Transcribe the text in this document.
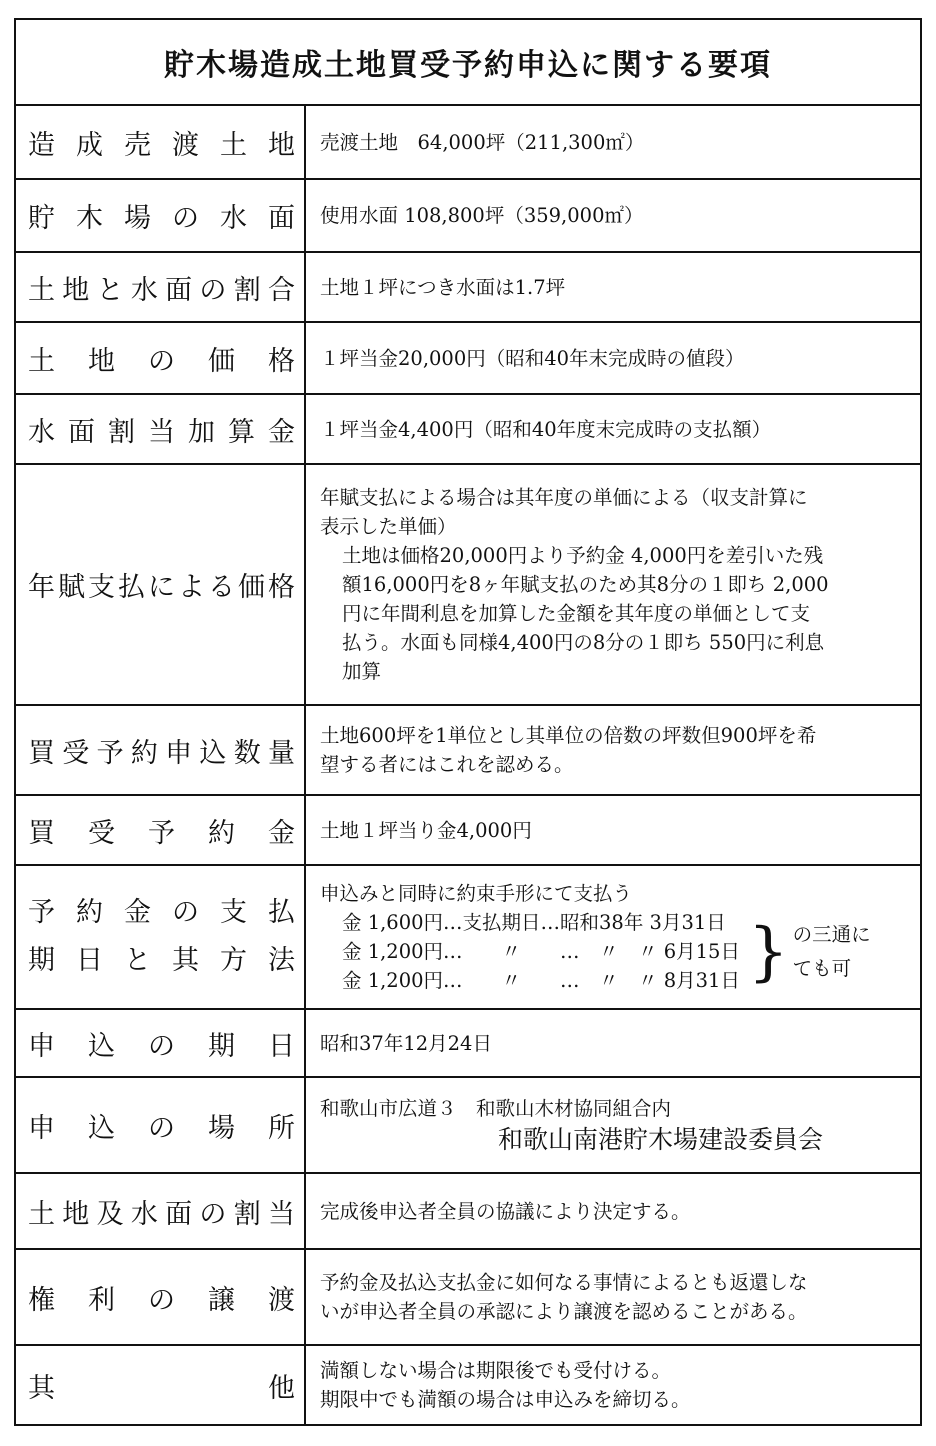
貯木場造成土地買受予約申込に関する要項
造成売渡土地 売渡土地　64,000坪（211,300㎡）
貯木場の水面 使用水面 108,800坪（359,000㎡）
土地と水面の割合 土地１坪につき水面は1.7坪
土地の価格 １坪当金20,000円（昭和40年末完成時の値段）
水面割当加算金 １坪当金4,400円（昭和40年度末完成時の支払額）
年賦支払による価格
年賦支払による場合は其年度の単価による（収支計算に
表示した単価）
土地は価格20,000円より予約金 4,000円を差引いた残
額16,000円を8ヶ年賦支払のため其8分の１即ち 2,000
円に年間利息を加算した金額を其年度の単価として支
払う。水面も同様4,400円の8分の１即ち 550円に利息
加算
買受予約申込数量
土地600坪を1単位とし其単位の倍数の坪数但900坪を希
望する者にはこれを認める。
買受予約金 土地１坪当り金4,000円
予約金の支払
期日と其方法
申込みと同時に約束手形にて支払う
金 1,600円…支払期日…昭和38年 3月31日
金 1,200円…　　〃　　…　〃　〃 6月15日
金 1,200円…　　〃　　…　〃　〃 8月31日 } の三通に
ても可
申込の期日 昭和37年12月24日
申込の場所
和歌山市広道３　和歌山木材協同組合内
和歌山南港貯木場建設委員会
土地及水面の割当 完成後申込者全員の協議により決定する。
権利の譲渡
予約金及払込支払金に如何なる事情によるとも返還しな
いが申込者全員の承認により譲渡を認めることがある。
其他
満額しない場合は期限後でも受付ける。
期限中でも満額の場合は申込みを締切る。
